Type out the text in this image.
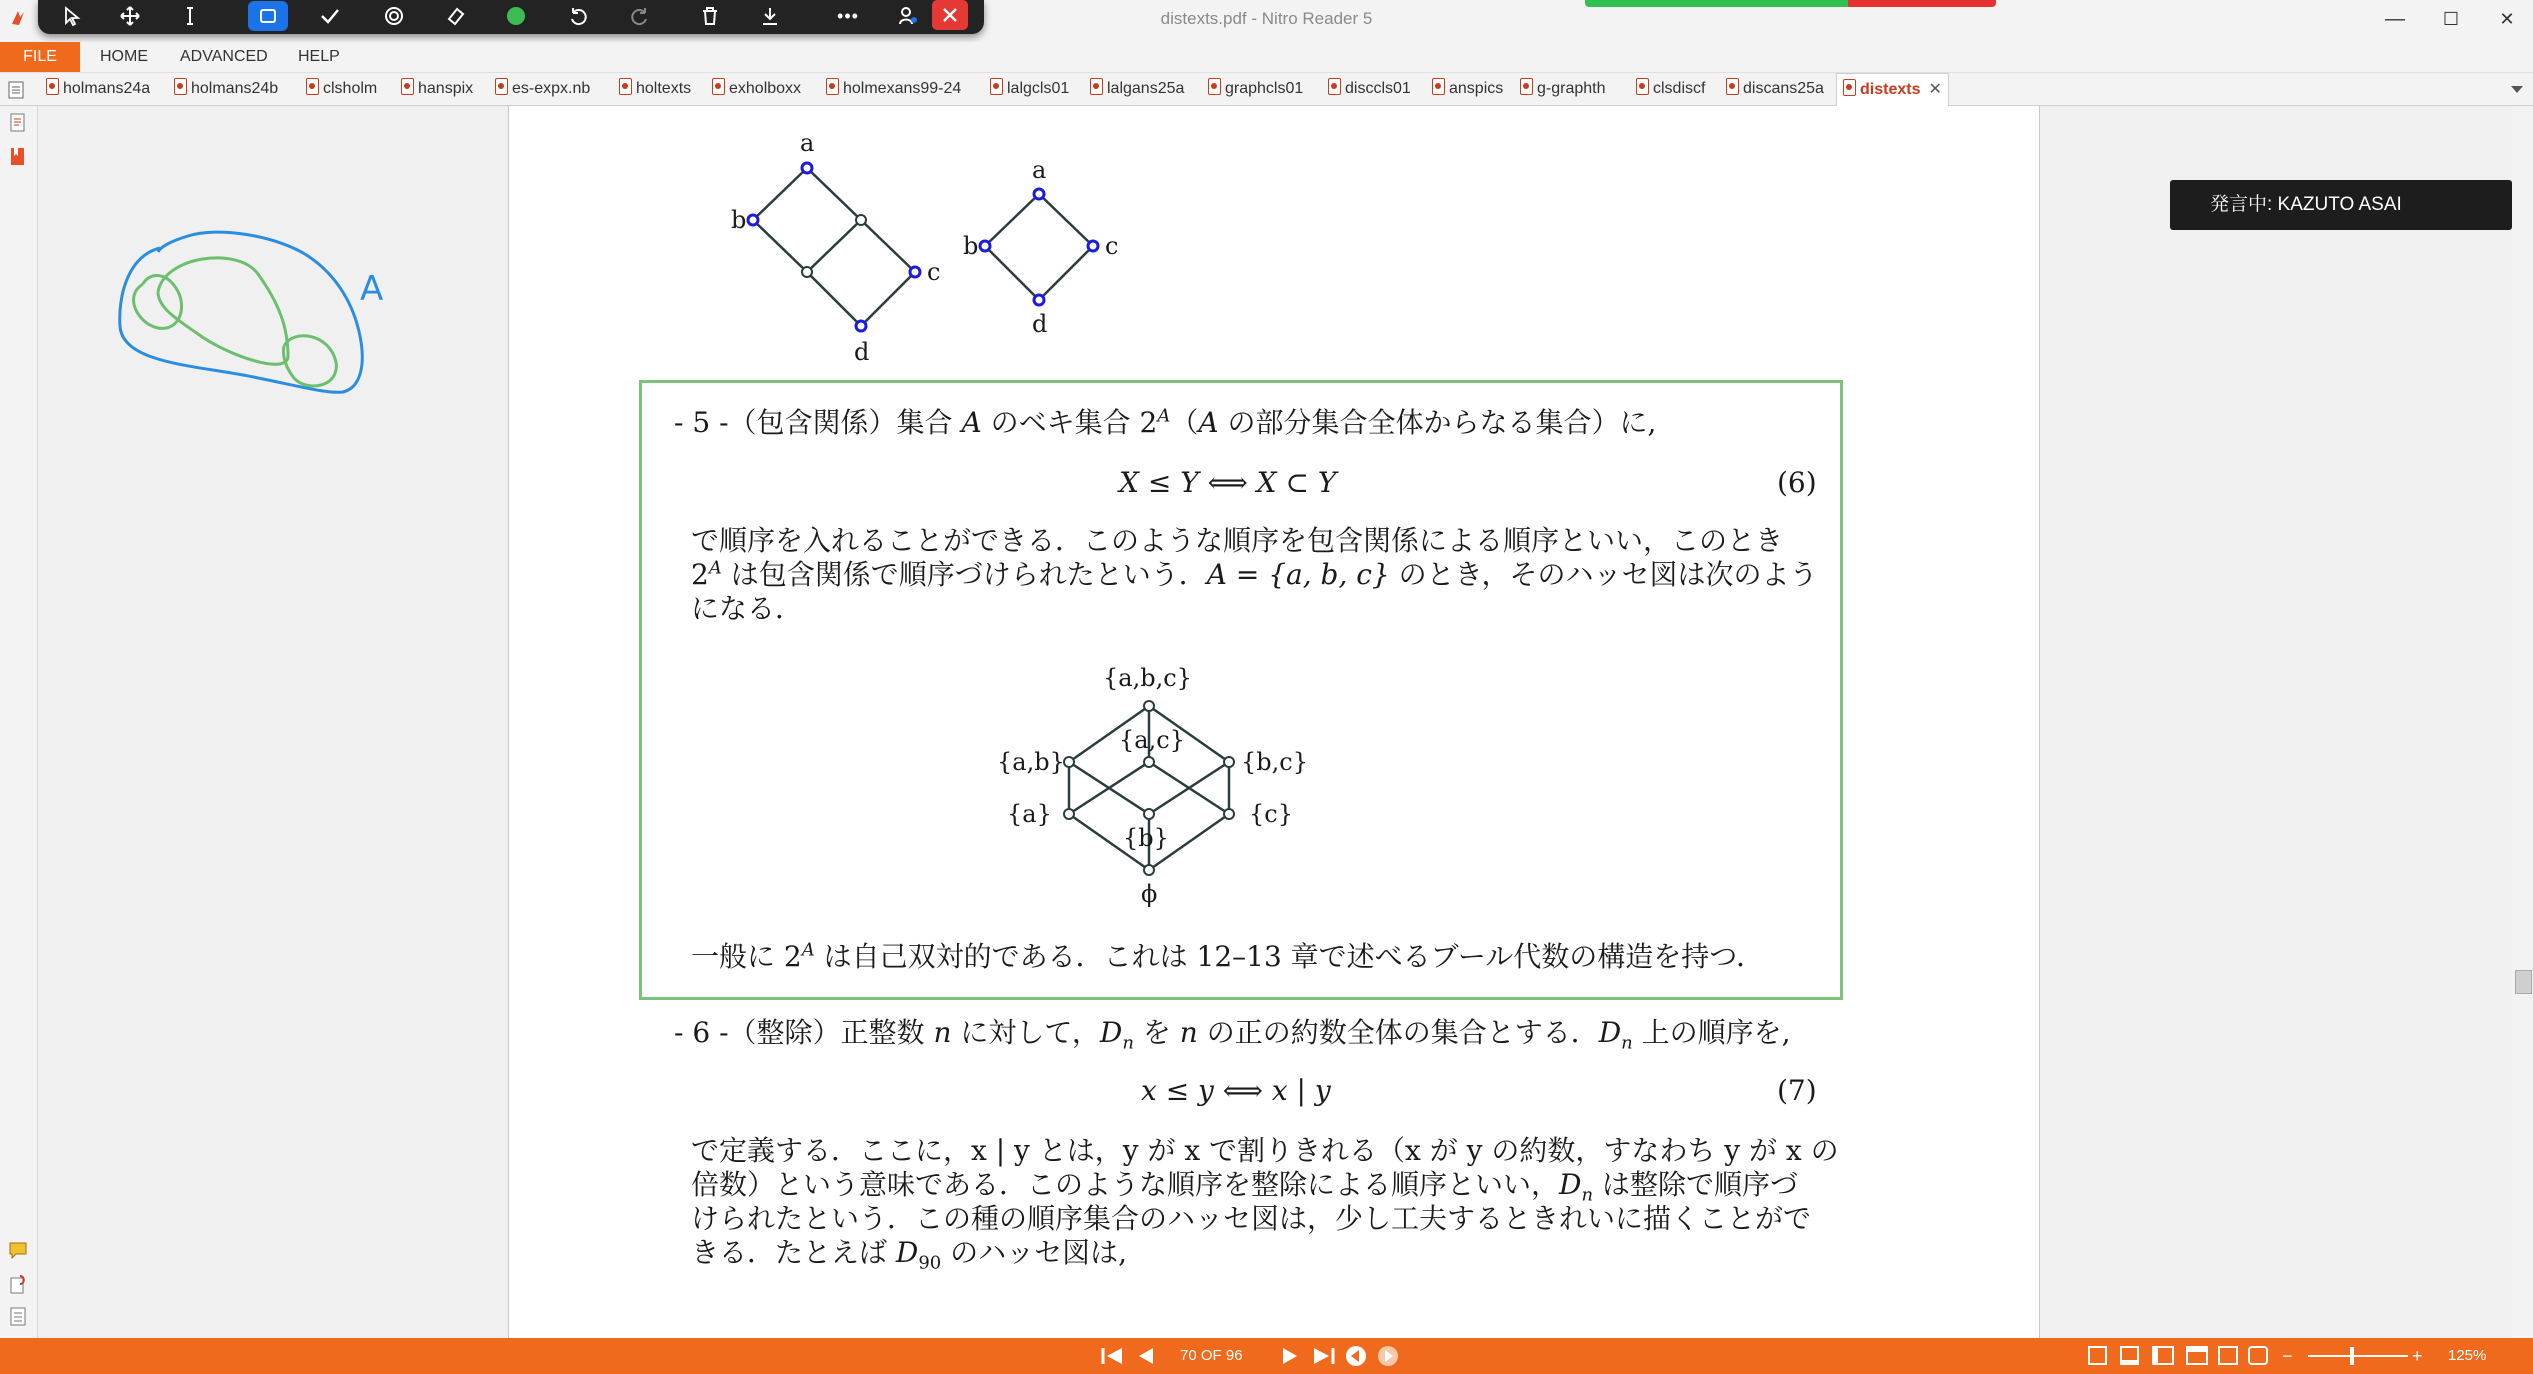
distexts.pdf - Nitro Reader 5	—	☐	✕
•••
FILE	HOME ADVANCED HELP
holmans24a	holmans24b	clsholm	hanspix	es-expx.nb	holtexts	exholboxx	holmexans99-24	lalgcls01	lalgans25a	graphcls01	disccls01	anspics	g-graphth	clsdiscf	discans25a	distexts ✕
A
a
b
c
d
a
b	c
d
- 5 -（包含関係）集合 A のベキ集合 $2^A(A$ の部分集合全体からなる集合）に,
X ≤ Y ⟺ X ⊂ Y	(6)
で順序を入れることができる．このような順序を包含関係による順序といい，このとき
$2^A$ は包含関係で順序づけられたという．A = {a, b, c} のとき，そのハッセ図は次のよう
になる．
{a,b,c}
{a,b}
{a,c}
{b,c}
{a}
{b}
{c}
ϕ
一般に $2^A$ は自己双対的である．これは 12–13 章で述べるブール代数の構造を持つ．
- 6 -（整除）正整数 n に対して，$D_n$ を n の正の約数全体の集合とする．$D_n$ 上の順序を,
x ≤ y ⟺ x | y	(7)
で定義する．ここに，x | y とは，y が x で割りきれる（x が y の約数，すなわち y が x の
倍数）という意味である．このような順序を整除による順序といい，$D_n$ は整除で順序づ
けられたという．この種の順序集合のハッセ図は，少し工夫するときれいに描くことがで
きる．たとえば $D_{90}$ のハッセ図は,
発言中: KAZUTO ASAI
70 OF 96	−	+ 125%
